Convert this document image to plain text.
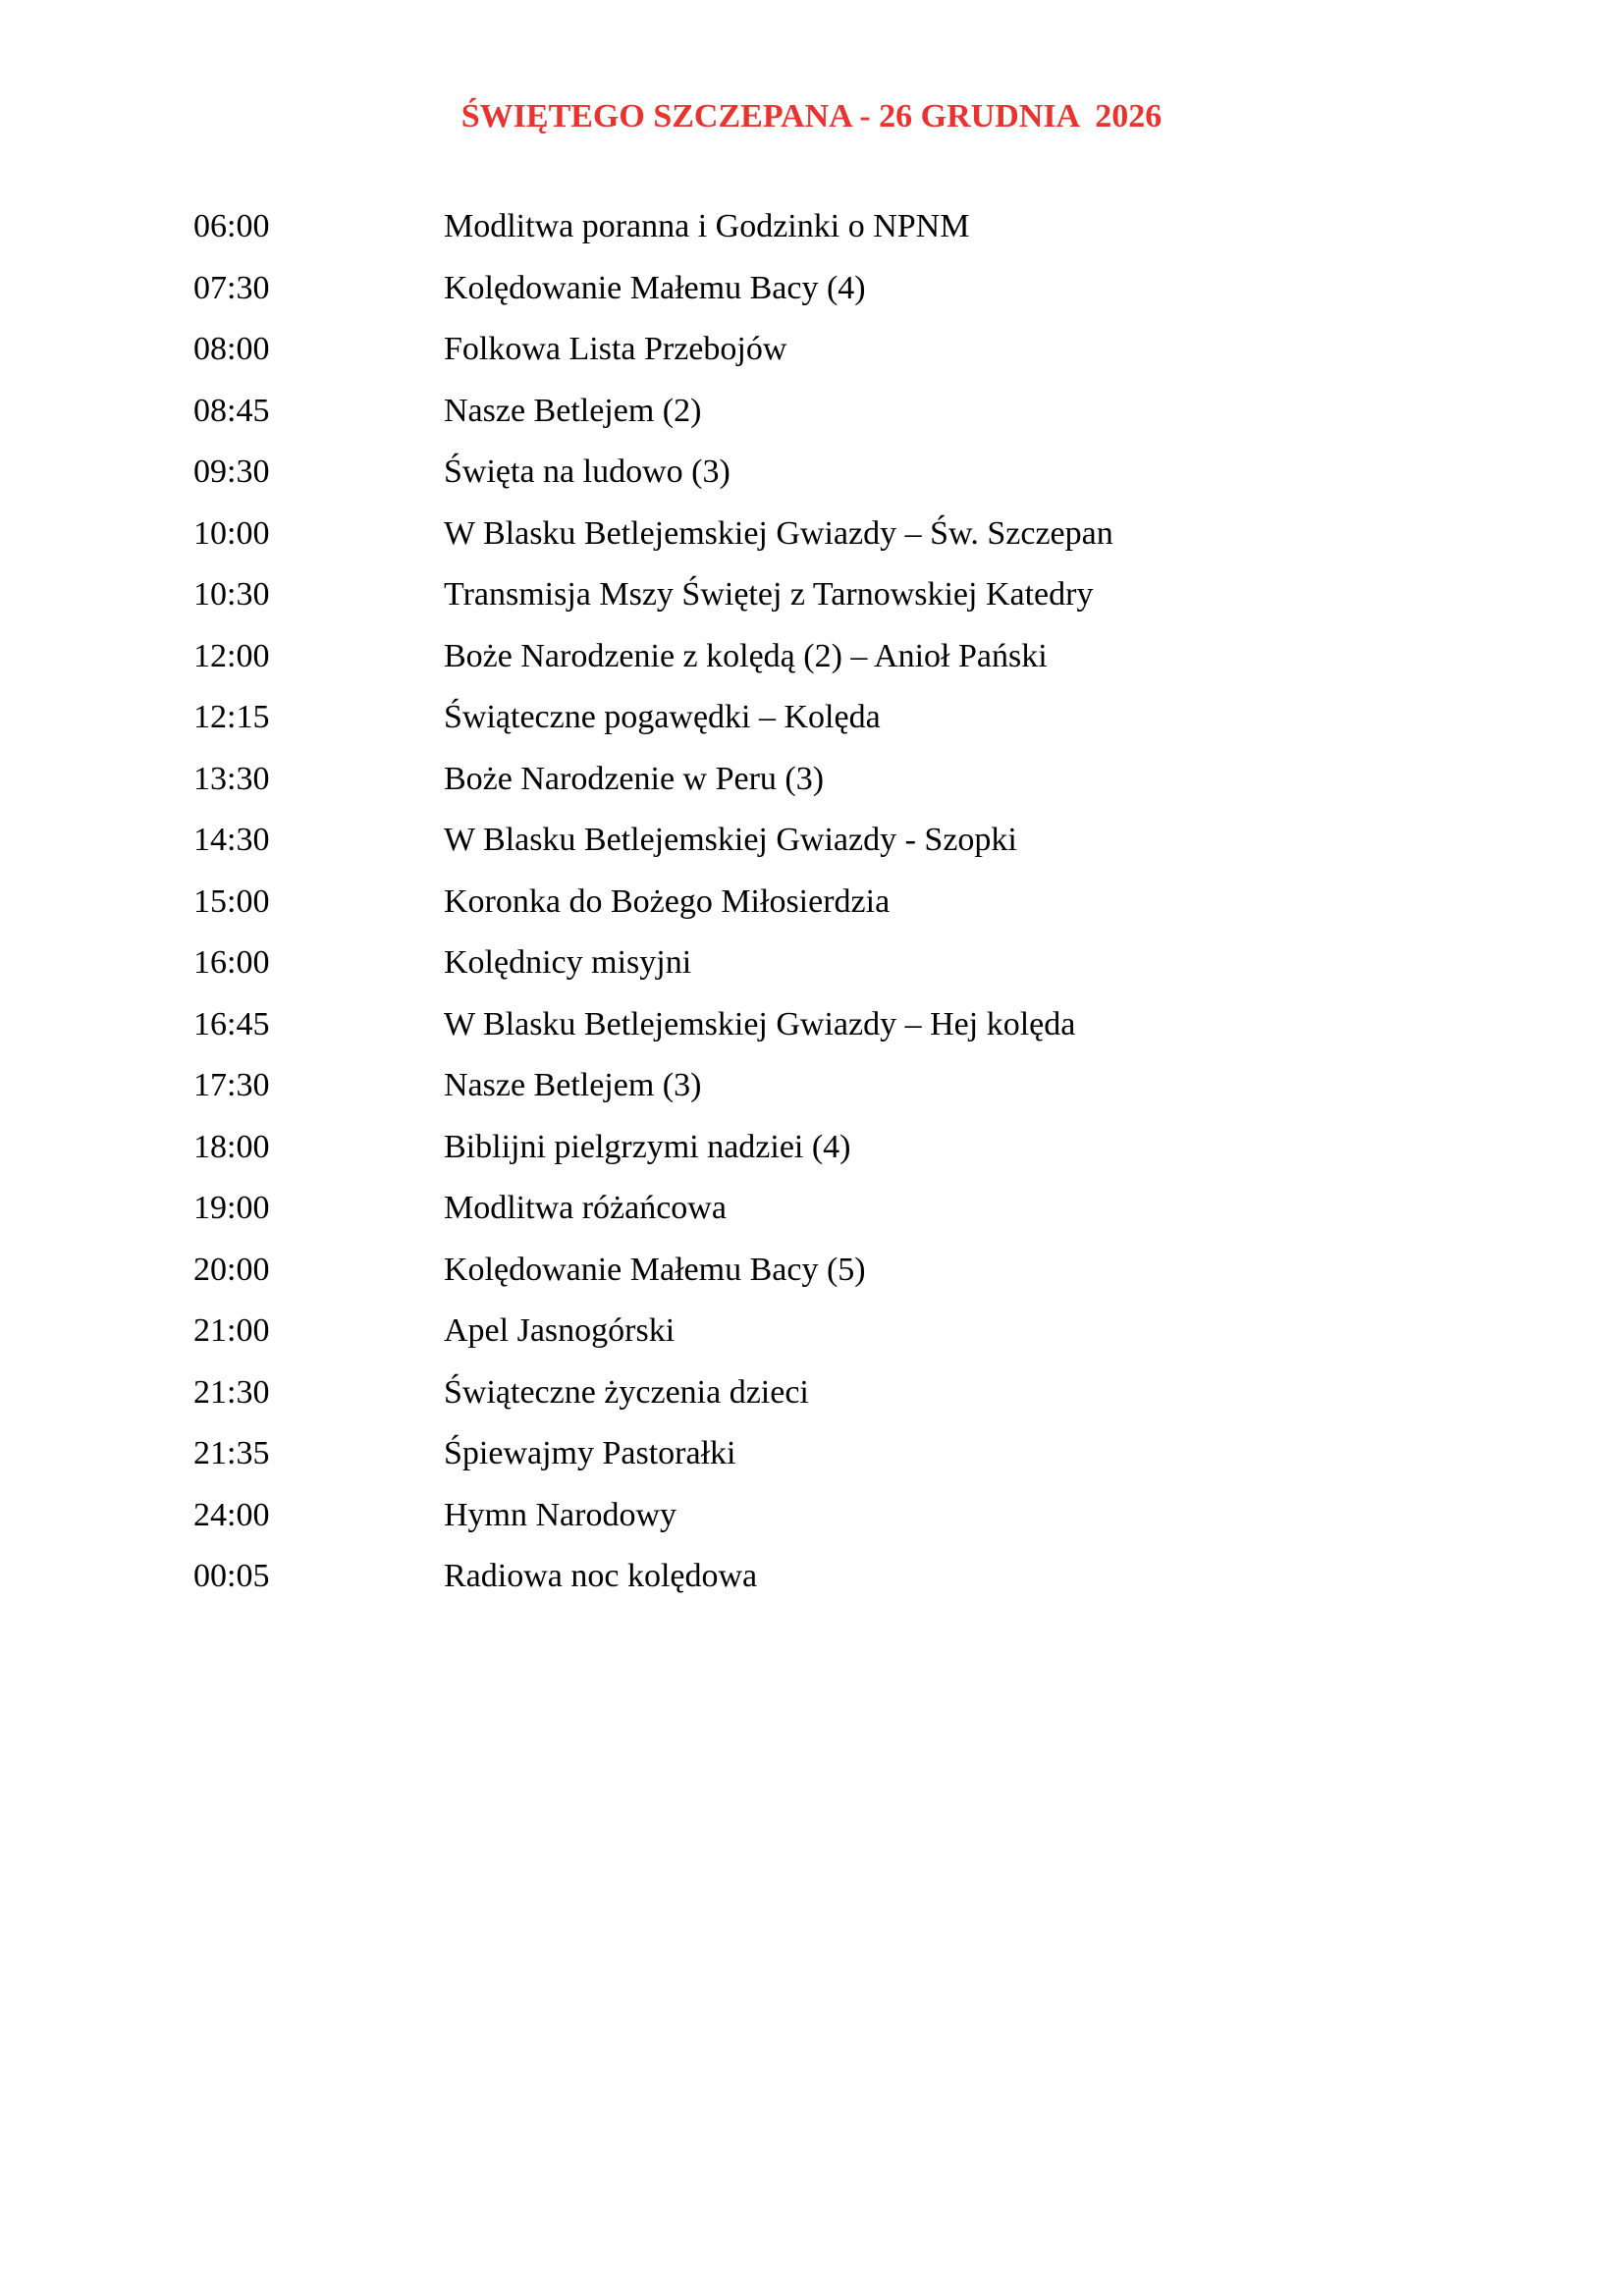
ŚWIĘTEGO SZCZEPANA - 26 GRUDNIA  2026
06:00	Modlitwa poranna i Godzinki o NPNM
07:30	Kolędowanie Małemu Bacy (4)
08:00	Folkowa Lista Przebojów
08:45	Nasze Betlejem (2)
09:30	Święta na ludowo (3)
10:00	W Blasku Betlejemskiej Gwiazdy – Św. Szczepan
10:30	Transmisja Mszy Świętej z Tarnowskiej Katedry
12:00	Boże Narodzenie z kolędą (2) – Anioł Pański
12:15	Świąteczne pogawędki – Kolęda
13:30	Boże Narodzenie w Peru (3)
14:30	W Blasku Betlejemskiej Gwiazdy - Szopki
15:00	Koronka do Bożego Miłosierdzia
16:00	Kolędnicy misyjni
16:45	W Blasku Betlejemskiej Gwiazdy – Hej kolęda
17:30	Nasze Betlejem (3)
18:00	Biblijni pielgrzymi nadziei (4)
19:00	Modlitwa różańcowa
20:00	Kolędowanie Małemu Bacy (5)
21:00	Apel Jasnogórski
21:30	Świąteczne życzenia dzieci
21:35	Śpiewajmy Pastorałki
24:00	Hymn Narodowy
00:05	Radiowa noc kolędowa
